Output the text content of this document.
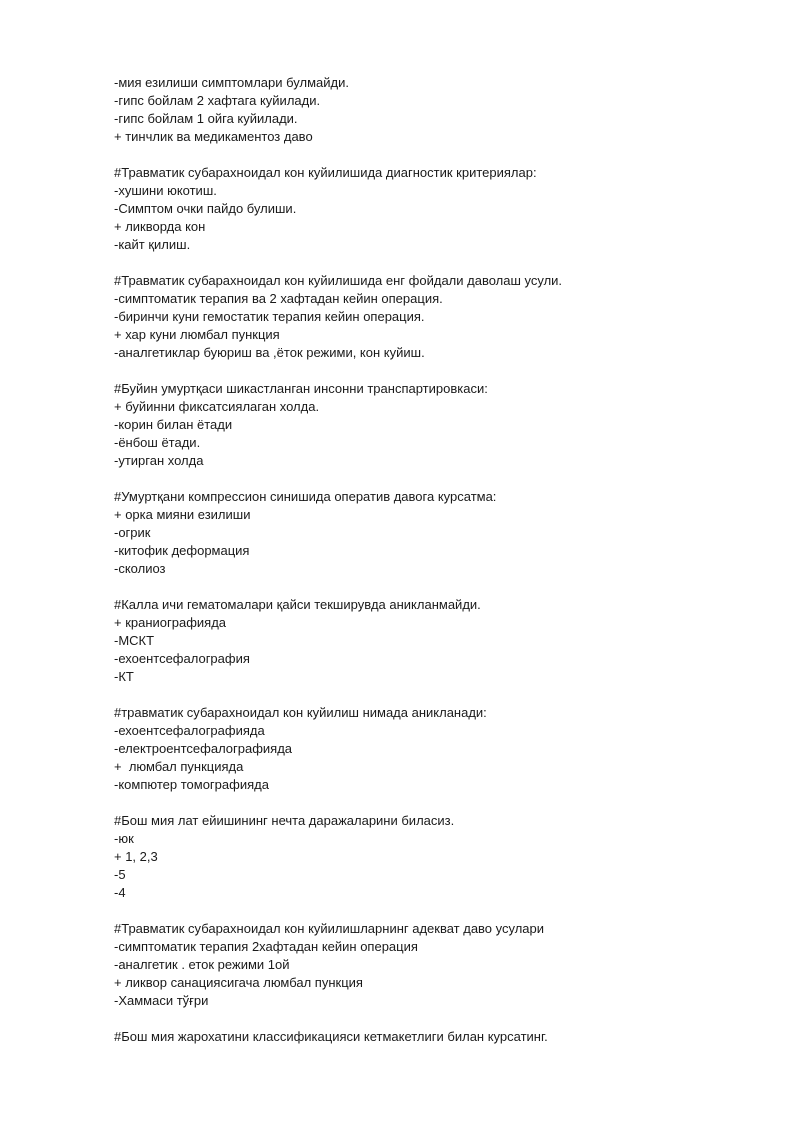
-мия езилиши симптомлари булмайди.
-гипс бойлам 2 хафтага куйилади.
-гипс бойлам 1 ойга куйилади.
+ тинчлик ва медикаментоз даво
#Травматик субарахноидал кон куйилишида диагностик критериялар:
-хушини юкотиш.
-Симптом очки пайдо булиши.
+ ликворда кон
-кайт қилиш.
#Травматик субарахноидал кон куйилишида енг фойдали даволаш усули.
-симптоматик терапия ва 2 хафтадан кейин операция.
-биринчи куни гемостатик терапия кейин операция.
+ хар куни люмбал пункция
-аналгетиклар буюриш ва ,ёток режими, кон куйиш.
#Буйин умуртқаси шикастланган инсонни транспартировкаси:
+ буйинни фиксатсиялаган холда.
-корин билан ётади
-ёнбош ётади.
-утирган холда
#Умуртқани компрессион синишида оператив давога курсатма:
+ орка мияни езилиши
-огрик
-китофик деформация
-сколиоз
#Калла ичи гематомалари қайси текширувда аникланмайди.
+ краниографияда
-МСКТ
-ехоентсефалография
-КТ
#травматик субарахноидал кон куйилиш нимада аникланади:
-ехоентсефалографияда
-електроентсефалографияда
+  люмбал пункцияда
-компютер томографияда
#Бош мия лат ейишининг нечта даражаларини биласиз.
-юк
+ 1, 2,3
-5
-4
#Травматик субарахноидал кон куйилишларнинг адекват даво усулари
-симптоматик терапия 2хафтадан кейин операция
-аналгетик . еток режими 1ой
+ ликвор санациясигача люмбал пункция
-Хаммаси тўғри
#Бош мия жарохатини классификацияси кетмакетлиги билан курсатинг.
